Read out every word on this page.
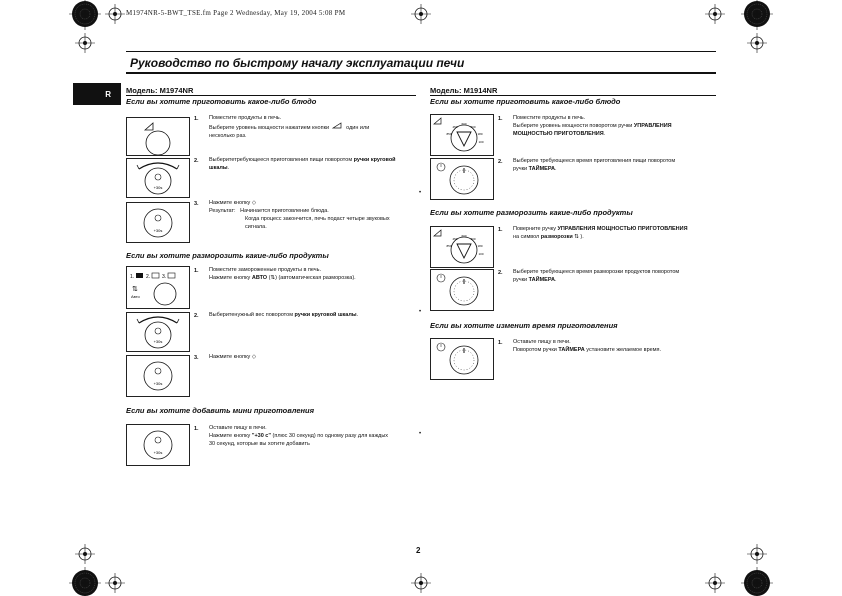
M1974NR-5-BWT_TSE.fm Page 2 Wednesday, May 19, 2004 5:08 PM
Руководство по быстрому началу эксплуатации печи
R
•
•
•
Модель: M1974NR
Если вы хотите приготовить какое-либо блюдо
1. Поместите продукты в печь.
Выберите уровень мощности нажатием кнопки	один или
несколько раз.
+30s
2. Выберитетребующееся приготовления пищи поворотом ручки круговой шкалы.
+30s
3. Нажмите кнопку ◇
Результат: Начинается приготовление блюда.
Когда процесс закончится, печь подаст четыре звуковых
сигнала.
Если вы хотите разморозить какие-либо продукты
1. 2. 3.
⇅
Авто
1. Поместите замороженные продукты в печь.
Нажмите кнопку АВТО (⇅) (автоматическая разморозка).
+30s
2. Выберитенужный вес поворотом ручки круговой шкалы.
+30s
3. Нажмите кнопку ◇
Если вы хотите добавить мини приготовления
+30s
1. Оставьте пищу в печи.
Нажмите кнопку "+30 с" (плюс 30 секунд) по одному разу для каждых
30 секунд, которые вы хотите добавить
Модель: M1914NR
Если вы хотите приготовить какое-либо блюдо
450
600
300
850	180
100
1. Поместите продукты в печь.
Выберите уровень мощности поворотом ручки УПРАВЛЕНИЯ
МОЩНОСТЬЮ ПРИГОТОВЛЕНИЯ.
2. Выберите требующееся время приготовления пищи поворотом
ручки ТАЙМЕРА.
Если вы хотите разморозить какие-либо продукты
450
600
300
850	180
100
1. Поверните ручку УПРАВЛЕНИЯ МОЩНОСТЬЮ ПРИГОТОВЛЕНИЯ
на символ разморозки ⇅ ).
2. Выберите требующееся время разморозки продуктов поворотом
ручки ТАЙМЕРА.
Если вы хотите изменит время приготовления
1. Оставьте пищу в печи.
Поворотом ручки ТАЙМЕРА установите желаемое время.
2
